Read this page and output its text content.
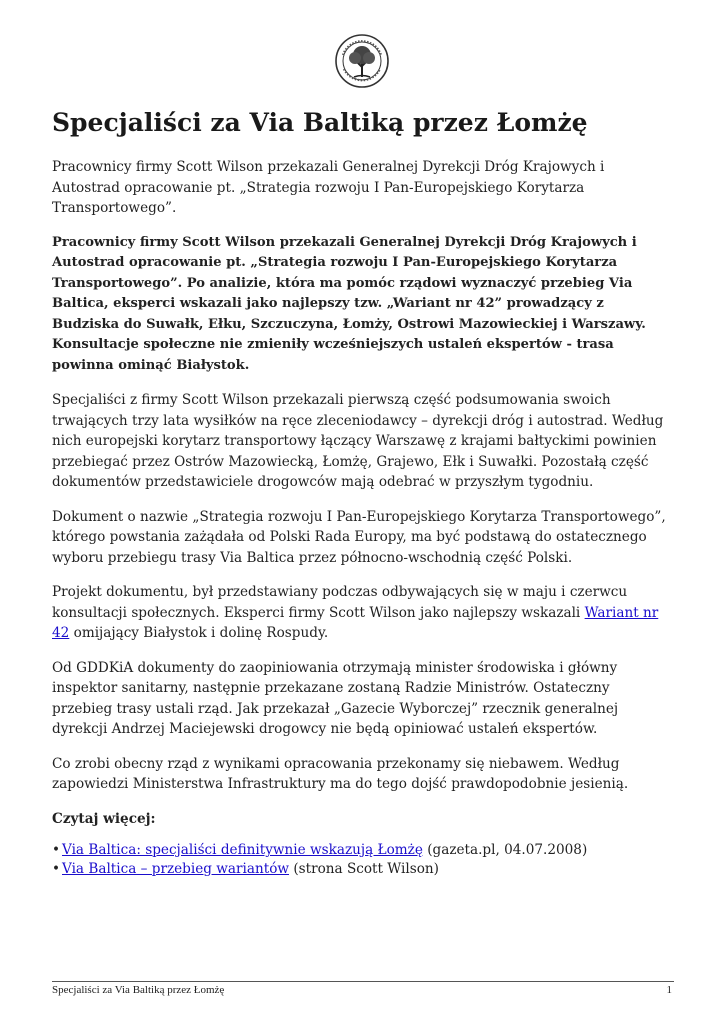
Specjaliści za Via Baltiką przez Łomżę

Pracownicy firmy Scott Wilson przekazali Generalnej Dyrekcji Dróg Krajowych i Autostrad opracowanie pt. „Strategia rozwoju I Pan-Europejskiego Korytarza Transportowego”.

Pracownicy firmy Scott Wilson przekazali Generalnej Dyrekcji Dróg Krajowych i Autostrad opracowanie pt. „Strategia rozwoju I Pan-Europejskiego Korytarza Transportowego”. Po analizie, która ma pomóc rządowi wyznaczyć przebieg Via Baltica, eksperci wskazali jako najlepszy tzw. „Wariant nr 42” prowadzący z Budziska do Suwałk, Ełku, Szczuczyna, Łomży, Ostrowi Mazowieckiej i Warszawy. Konsultacje społeczne nie zmieniły wcześniejszych ustaleń ekspertów - trasa powinna ominąć Białystok.

Specjaliści z firmy Scott Wilson przekazali pierwszą część podsumowania swoich trwających trzy lata wysiłków na ręce zleceniodawcy – dyrekcji dróg i autostrad. Według nich europejski korytarz transportowy łączący Warszawę z krajami bałtyckimi powinien przebiegać przez Ostrów Mazowiecką, Łomżę, Grajewo, Ełk i Suwałki. Pozostałą część dokumentów przedstawiciele drogowców mają odebrać w przyszłym tygodniu.

Dokument o nazwie „Strategia rozwoju I Pan-Europejskiego Korytarza Transportowego”, którego powstania zażądała od Polski Rada Europy, ma być podstawą do ostatecznego wyboru przebiegu trasy Via Baltica przez północno-wschodnią część Polski.

Projekt dokumentu, był przedstawiany podczas odbywających się w maju i czerwcu konsultacji społecznych. Eksperci firmy Scott Wilson jako najlepszy wskazali Wariant nr 42 omijający Białystok i dolinę Rospudy.

Od GDDKiA dokumenty do zaopiniowania otrzymają minister środowiska i główny inspektor sanitarny, następnie przekazane zostaną Radzie Ministrów. Ostateczny przebieg trasy ustali rząd. Jak przekazał „Gazecie Wyborczej” rzecznik generalnej dyrekcji Andrzej Maciejewski drogowcy nie będą opiniować ustaleń ekspertów.

Co zrobi obecny rząd z wynikami opracowania przekonamy się niebawem. Według zapowiedzi Ministerstwa Infrastruktury ma do tego dojść prawdopodobnie jesienią.

Czytaj więcej:

• Via Baltica: specjaliści definitywnie wskazują Łomżę (gazeta.pl, 04.07.2008)
• Via Baltica – przebieg wariantów (strona Scott Wilson)
Specjaliści za Via Baltiką przez Łomżę	1
